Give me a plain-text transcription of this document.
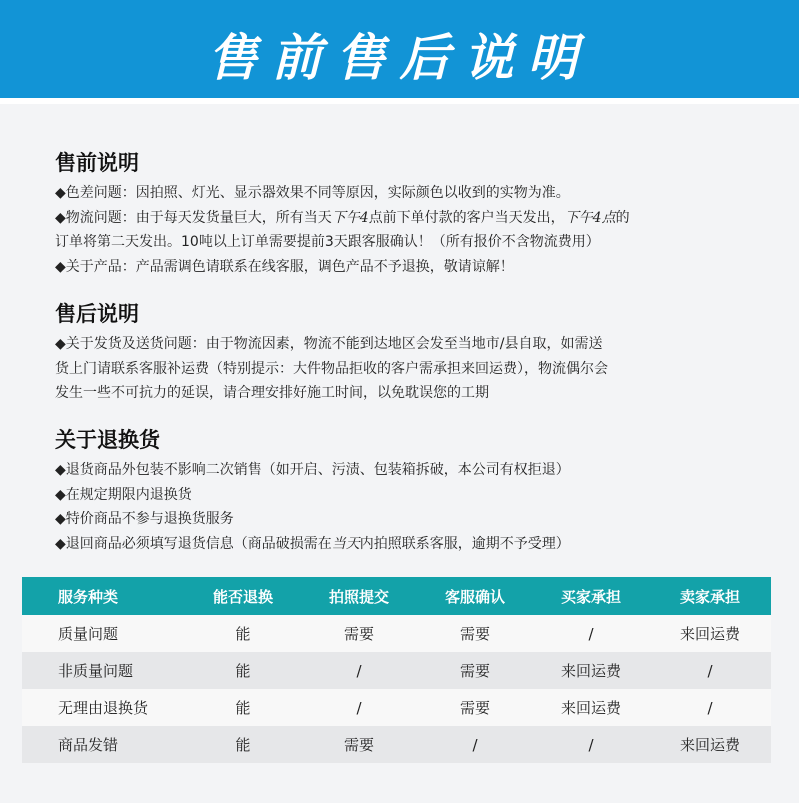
售前售后说明
售前说明
◆色差问题：因拍照、灯光、显示器效果不同等原因，实际颜色以收到的实物为准。
◆物流问题：由于每天发货量巨大，所有当天下午4点前下单付款的客户当天发出，下午4点的
订单将第二天发出。10吨以上订单需要提前3天跟客服确认！（所有报价不含物流费用）
◆关于产品：产品需调色请联系在线客服，调色产品不予退换，敬请谅解！
售后说明
◆关于发货及送货问题：由于物流因素，物流不能到达地区会发至当地市/县自取，如需送
货上门请联系客服补运费（特别提示：大件物品拒收的客户需承担来回运费），物流偶尔会
发生一些不可抗力的延误，请合理安排好施工时间，以免耽误您的工期
关于退换货
◆退货商品外包装不影响二次销售（如开启、污渍、包装箱拆破，本公司有权拒退）
◆在规定期限内退换货
◆特价商品不参与退换货服务
◆退回商品必须填写退货信息（商品破损需在当天内拍照联系客服，逾期不予受理）
服务种类	能否退换	拍照提交	客服确认	买家承担	卖家承担
质量问题	能	需要	需要	/	来回运费
非质量问题	能	/	需要	来回运费	/
无理由退换货	能	/	需要	来回运费	/
商品发错	能	需要	/	/	来回运费
